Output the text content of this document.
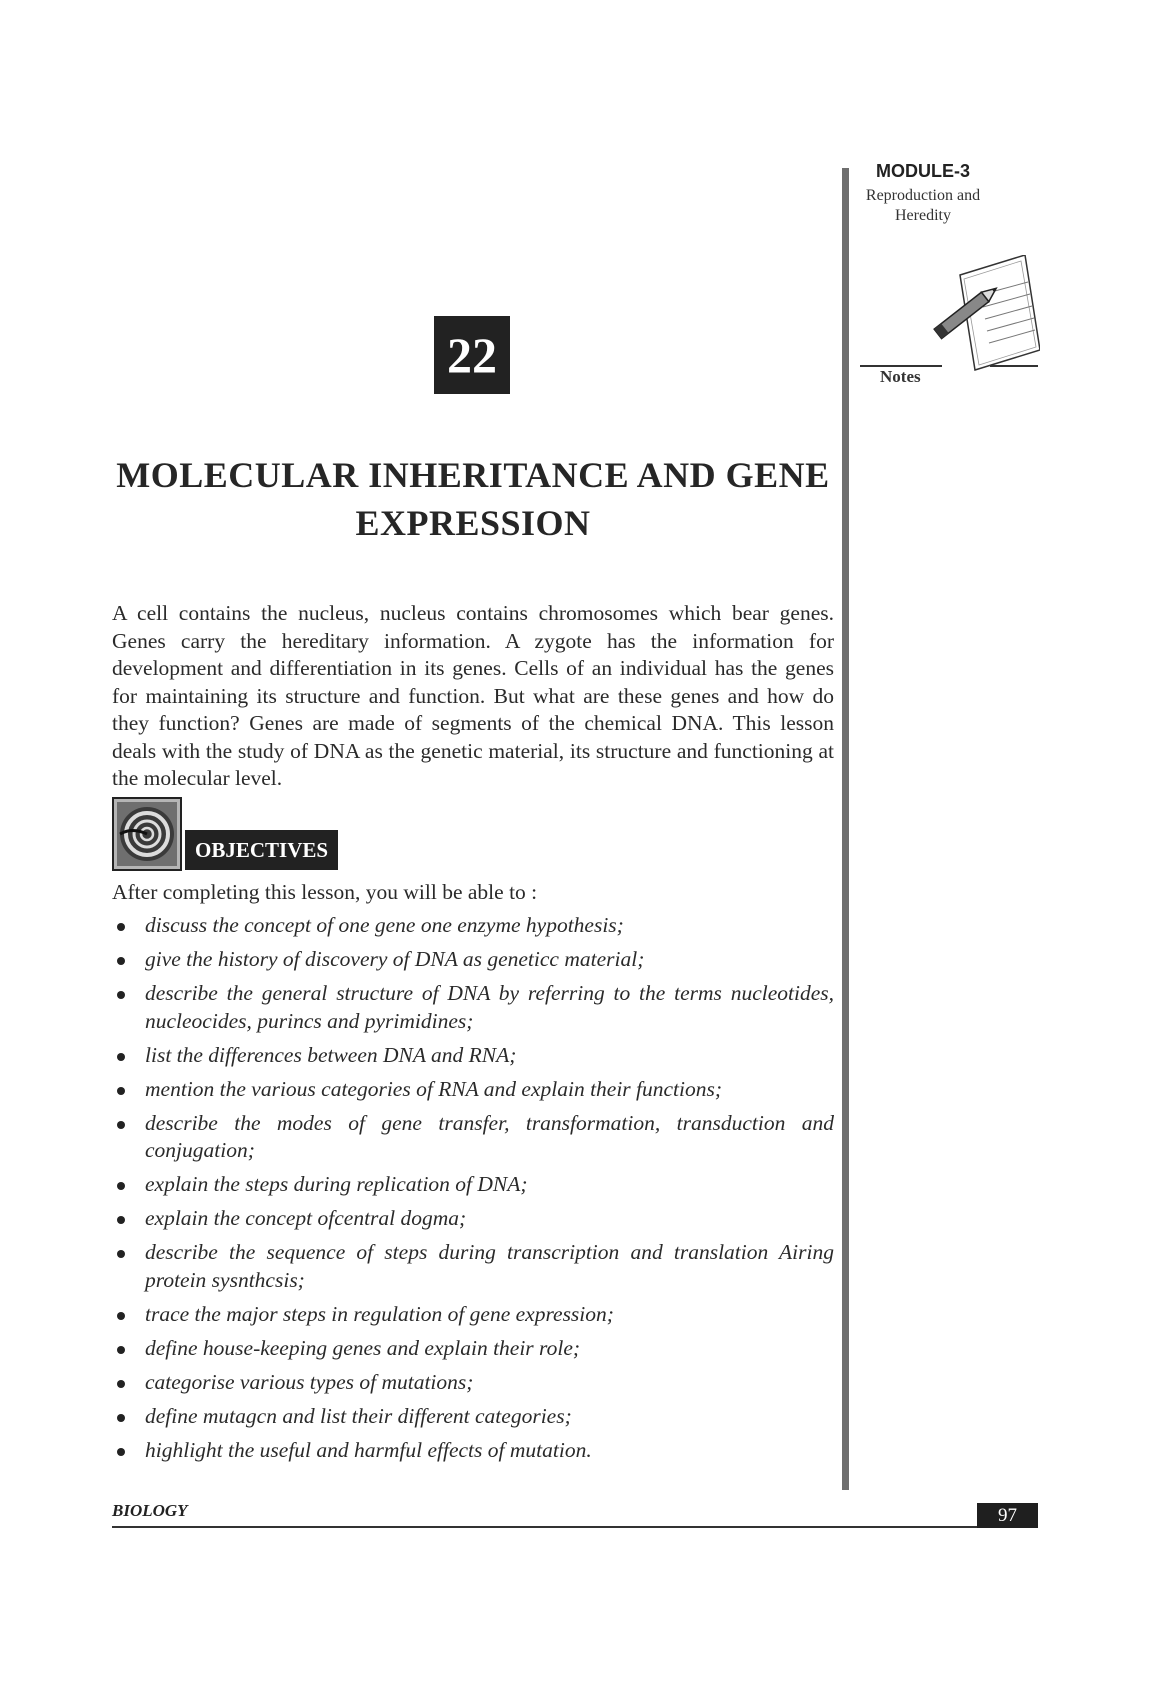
MODULE-3
Reproduction and Heredity
Notes
22
MOLECULAR INHERITANCE AND GENE EXPRESSION

A cell contains the nucleus, nucleus contains chromosomes which bear genes. Genes carry the hereditary information. A zygote has the information for development and differentiation in its genes. Cells of an individual has the genes for maintaining its structure and function. But what are these genes and how do they function? Genes are made of segments of the chemical DNA. This lesson deals with the study of DNA as the genetic material, its structure and functioning at the molecular level.

OBJECTIVES
After completing this lesson, you will be able to :
discuss the concept of one gene one enzyme hypothesis;
give the history of discovery of DNA as geneticc material;
describe the general structure of DNA by referring to the terms nucleotides, nucleocides, purincs and pyrimidines;
list the differences between DNA and RNA;
mention the various categories of RNA and explain their functions;
describe the modes of gene transfer, transformation, transduction and conjugation;
explain the steps during replication of DNA;
explain the concept ofcentral dogma;
describe the sequence of steps during transcription and translation Airing protein sysnthcsis;
trace the major steps in regulation of gene expression;
define house-keeping genes and explain their role;
categorise various types of mutations;
define mutagcn and list their different categories;
highlight the useful and harmful effects of mutation.
BIOLOGY	97
